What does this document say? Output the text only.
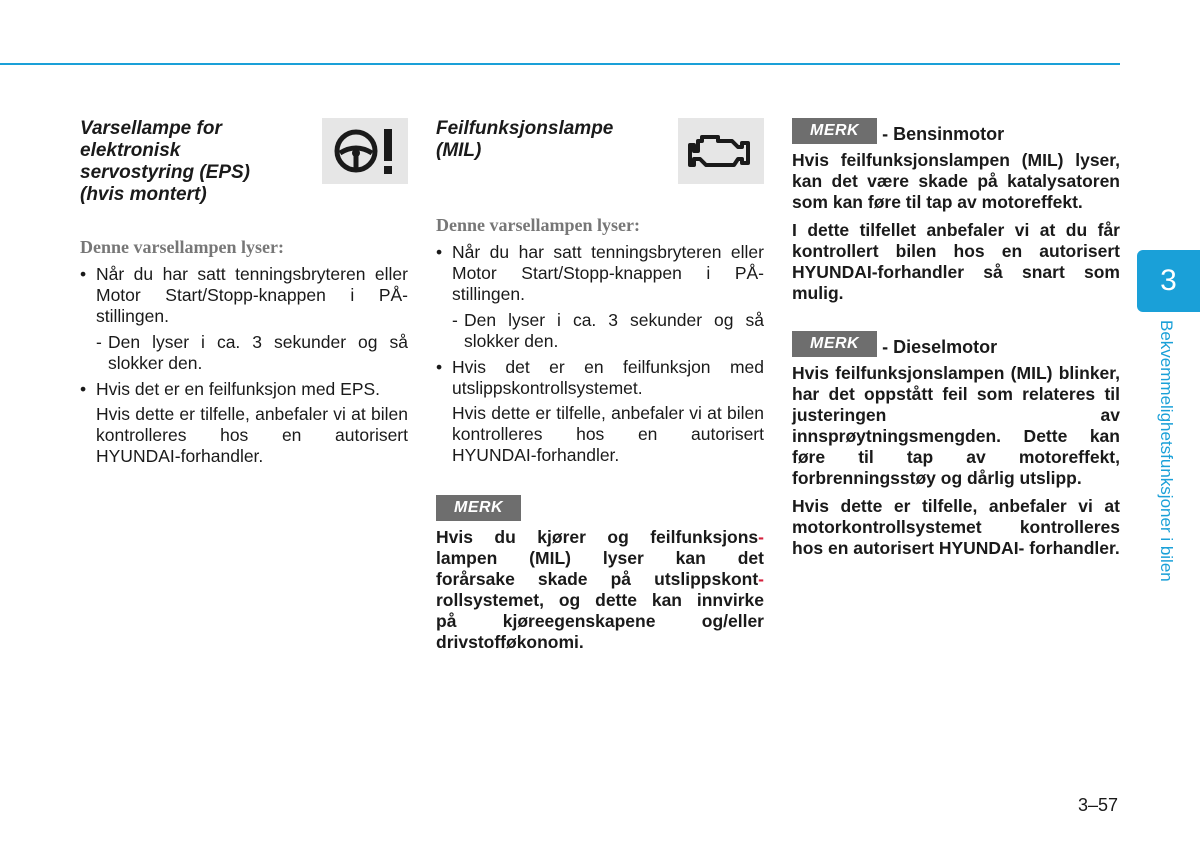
Varsellampe for
elektronisk
servostyring (EPS)
(hvis montert)

Denne varsellampen lyser:

• Når du har satt tenningsbryteren eller Motor Start/Stopp-knappen i PÅ-stillingen.
- Den lyser i ca. 3 sekunder og så slokker den.
• Hvis det er en feilfunksjon med EPS.

Hvis dette er tilfelle, anbefaler vi at bilen kontrolleres hos en autorisert HYUNDAI-forhandler.

Feilfunksjonslampe
(MIL)

Denne varsellampen lyser:

• Når du har satt tenningsbryteren eller Motor Start/Stopp-knappen i PÅ-stillingen.
- Den lyser i ca. 3 sekunder og så slokker den.
• Hvis det er en feilfunksjon med utslippskontrollsystemet.

Hvis dette er tilfelle, anbefaler vi at bilen kontrolleres hos en autorisert HYUNDAI-forhandler.

MERK
Hvis du kjører og feilfunksjons-
lampen (MIL) lyser kan det
forårsake skade på utslippskont-
rollsystemet, og dette kan innvirke
på kjøreegenskapene og/eller
drivstofføkonomi.
MERK	- Bensinmotor

Hvis feilfunksjonslampen (MIL) lyser, kan det være skade på katalysatoren som kan føre til tap av motoreffekt.

I dette tilfellet anbefaler vi at du får kontrollert bilen hos en autorisert HYUNDAI-forhandler så snart som mulig.

MERK	- Dieselmotor

Hvis feilfunksjonslampen (MIL) blinker, har det oppstått feil som relateres til justeringen av innsprøytningsmengden. Dette kan føre til tap av motoreffekt, forbrenningsstøy og dårlig utslipp.

Hvis dette er tilfelle, anbefaler vi at motorkontrollsystemet kontrolleres hos en autorisert HYUNDAI- forhandler.

3
Bekvemmelighetsfunksjoner i bilen
3–57
